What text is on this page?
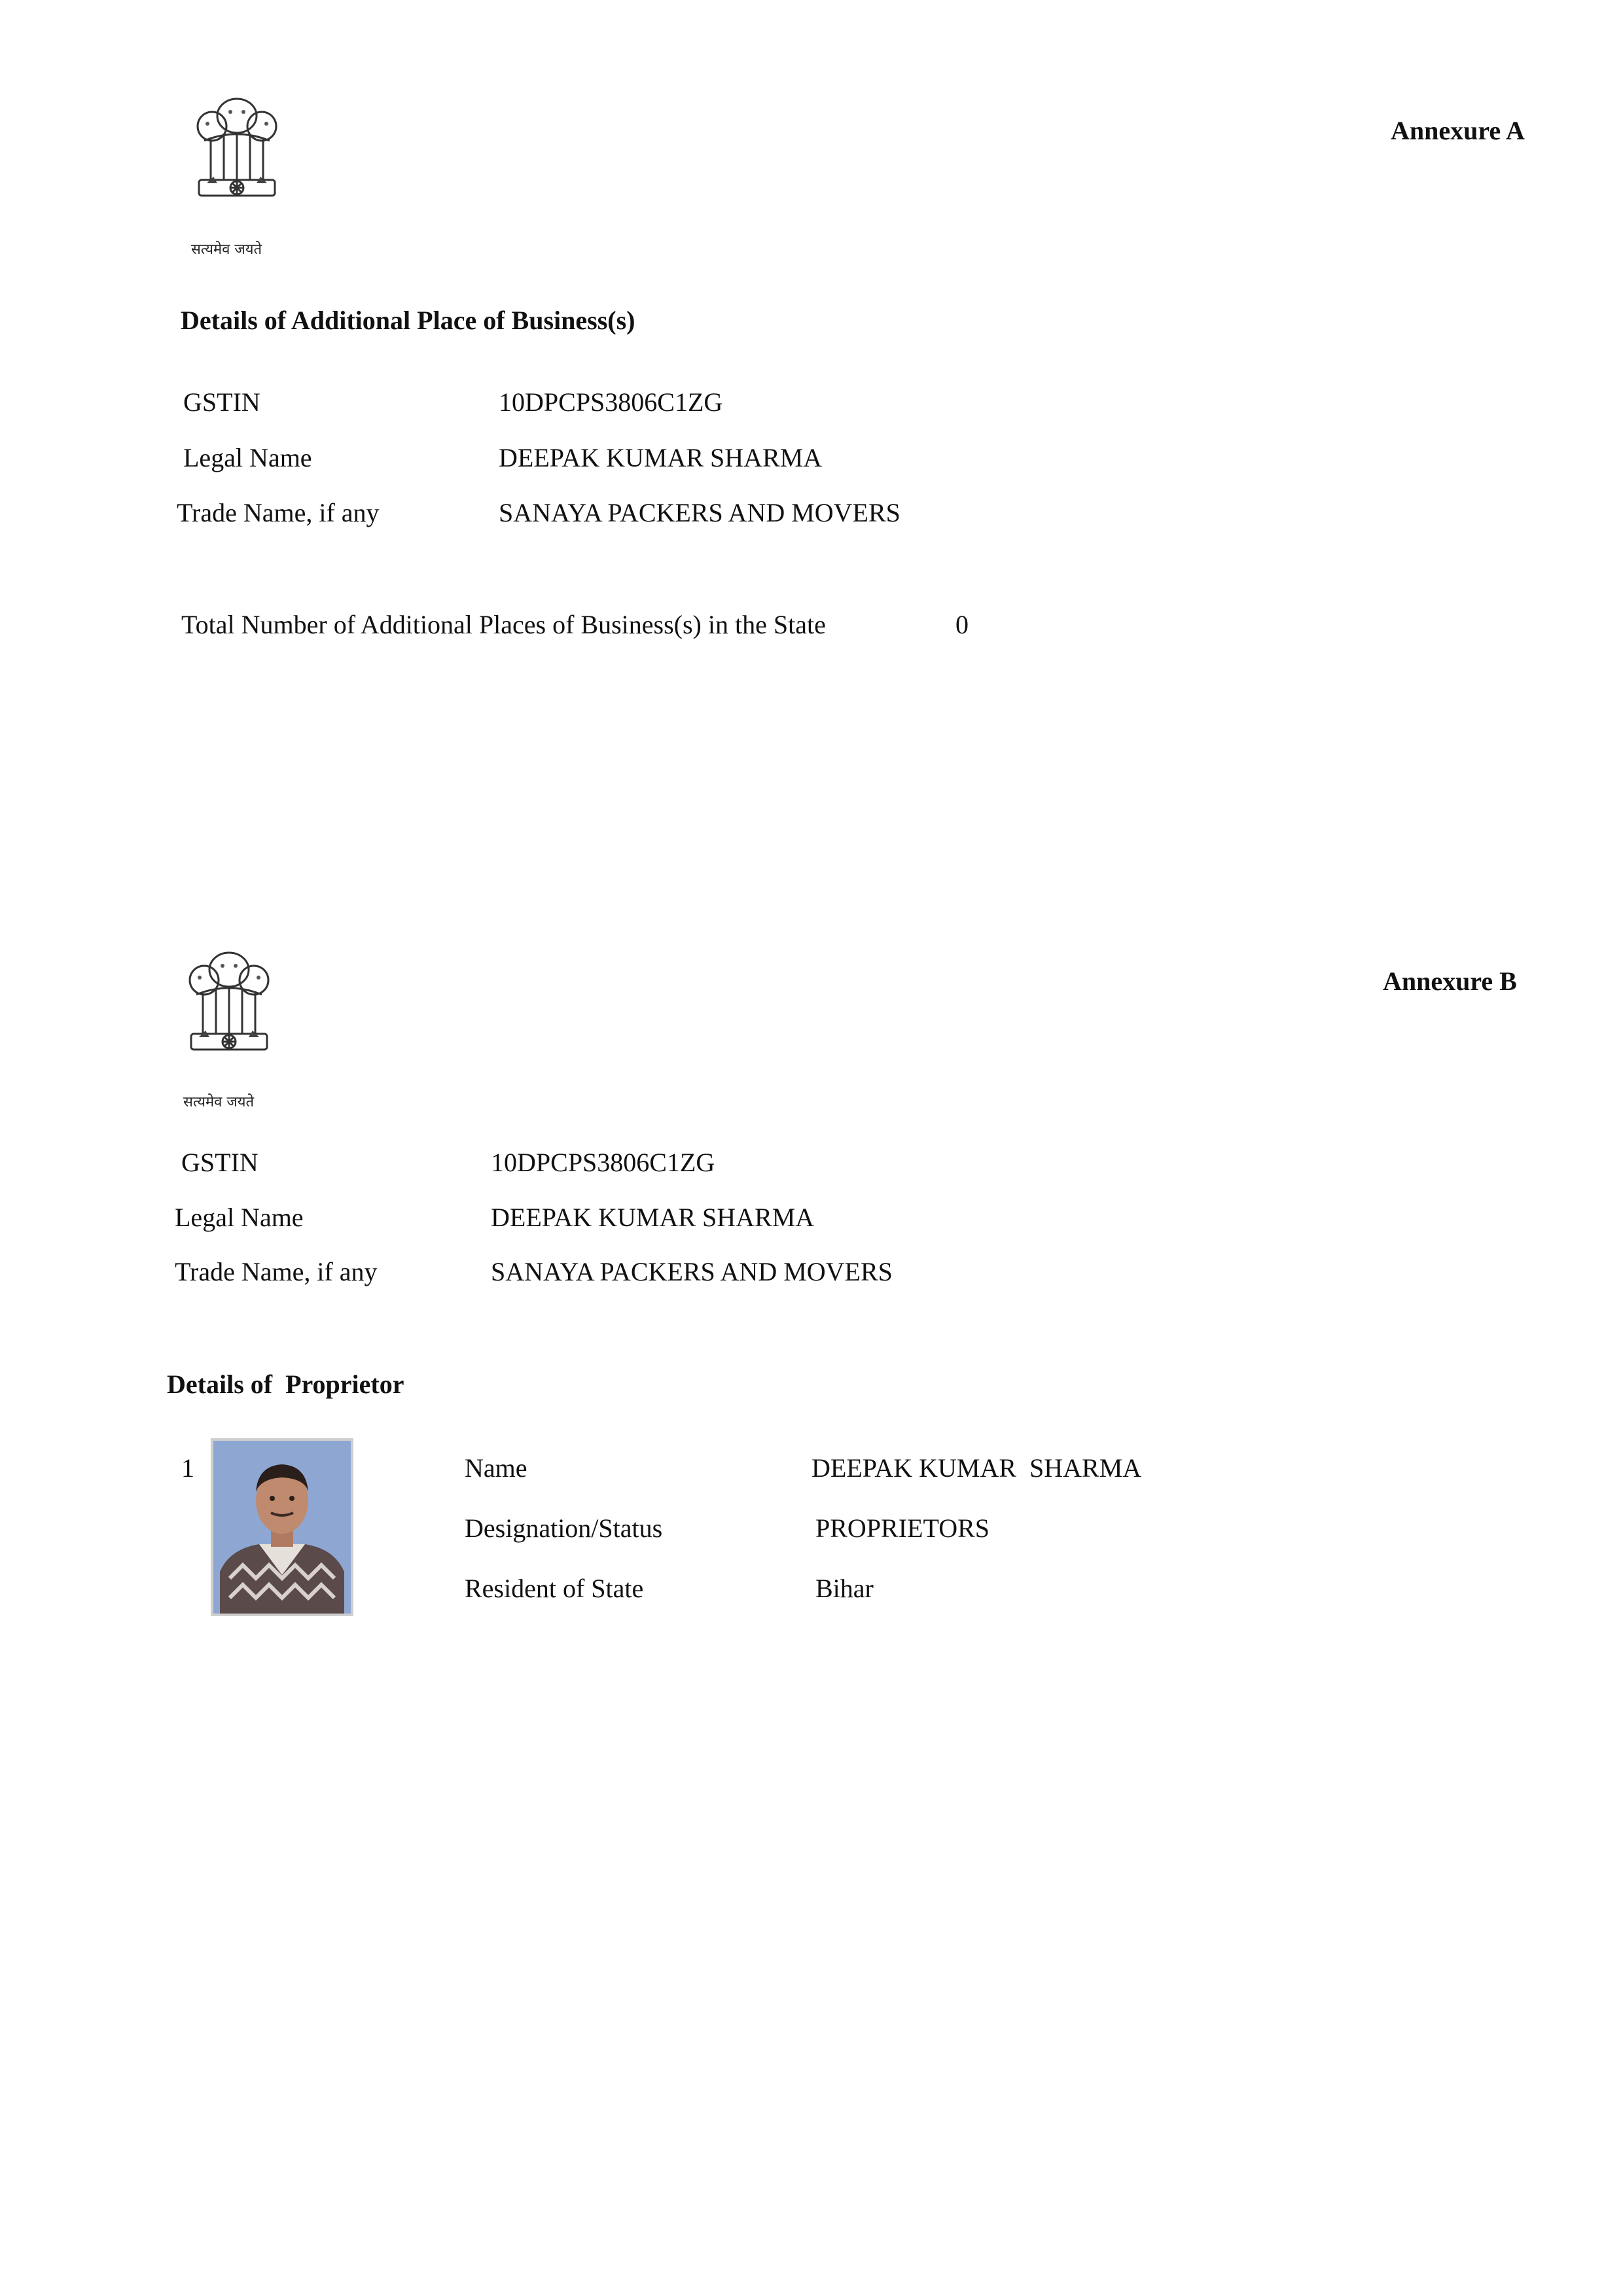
सत्यमेव जयते
Annexure A
Details of Additional Place of Business(s)
GSTIN	10DPCPS3806C1ZG
Legal Name	DEEPAK KUMAR SHARMA
Trade Name, if any	SANAYA PACKERS AND MOVERS
Total Number of Additional Places of Business(s) in the State	0
सत्यमेव जयते
Annexure B
GSTIN	10DPCPS3806C1ZG
Legal Name	DEEPAK KUMAR SHARMA
Trade Name, if any	SANAYA PACKERS AND MOVERS
Details of  Proprietor
1	Name	DEEPAK KUMAR  SHARMA
Designation/Status	PROPRIETORS
Resident of State	Bihar
